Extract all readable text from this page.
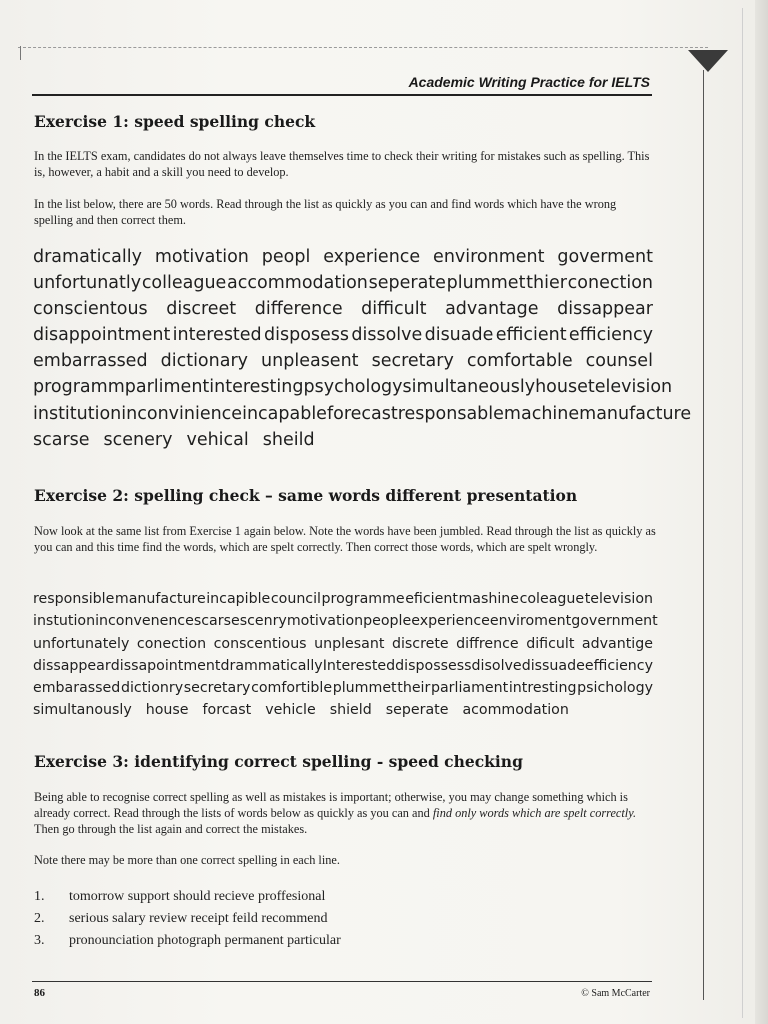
Academic Writing Practice for IELTS
Exercise 1: speed spelling check

In the IELTS exam, candidates do not always leave themselves time to check their writing for mistakes such as spelling. This is, however, a habit and a skill you need to develop.

In the list below, there are 50 words. Read through the list as quickly as you can and find words which have the wrong spelling and then correct them.

dramatically motivation peopl experience environment goverment
unfortunatly colleague accommodation seperate plummet thier conection
conscientous discreet difference difficult advantage dissappear
disappointment interested disposess dissolve disuade efficient efficiency
embarrassed dictionary unpleasent secretary comfortable counsel
programm parliment interesting psychology simultaneously house television
institution inconvinience incapable forecast responsable machine manufacture
scarse scenery vehical sheild
Exercise 2: spelling check – same words different presentation

Now look at the same list from Exercise 1 again below. Note the words have been jumbled. Read through the list as quickly as you can and this time find the words, which are spelt correctly. Then correct those words, which are spelt wrongly.

responsible manufacture incapible council programme eficient mashine coleague television
instution inconvenence scarse scenry motivation people experience enviroment government
unfortunately conection conscentious unplesant discrete diffrence dificult advantige
dissappear dissapointment drammatically Interested dispossess disolve dissuade efficiency
embarassed dictionry secretary comfortible plummet their parliament intresting psichology
simultanously house forcast vehicle shield seperate acommodation
Exercise 3: identifying correct spelling - speed checking

Being able to recognise correct spelling as well as mistakes is important; otherwise, you may change something which is already correct. Read through the lists of words below as quickly as you can and find only words which are spelt correctly. Then go through the list again and correct the mistakes.

Note there may be more than one correct spelling in each line.

1.	tomorrow support should recieve proffesional
2.	serious salary review receipt feild recommend
3.	pronounciation photograph permanent particular
86	© Sam McCarter
